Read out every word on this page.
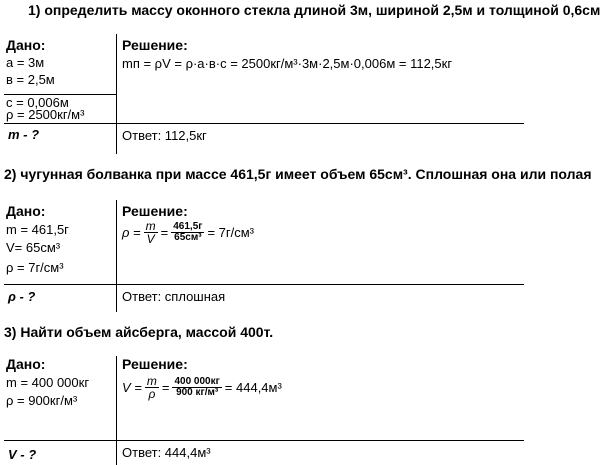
1) определить массу оконного стекла длиной 3м, шириной 2,5м и толщиной 0,6см
Дано:
a = 3м
в = 2,5м
c = 0,006м
ρ = 2500кг/м³
m - ?
Решение:
mп = ρV = ρ·a·в·c = 2500кг/м³·3м·2,5м·0,006м = 112,5кг
Ответ: 112,5кг
2) чугунная болванка при массе 461,5г имеет объем 65см³. Сплошная она или полая
Дано:
m = 461,5г
V= 65см³
ρ = 7г/см³
ρ - ?
Решение:
$\rho = \frac{m}{V} = \frac{461,5г}{\text{65см³}} = 7г/см^3$
Ответ: сплошная
3) Найти объем айсберга, массой 400т.
Дано:
m = 400 000кг
ρ = 900кг/м³
V - ?
Решение:
$V = \frac{m}{\rho} = \frac{400 000кг}{\text{900 кг/м³}} = 444,4м^3$
Ответ: 444,4м³
